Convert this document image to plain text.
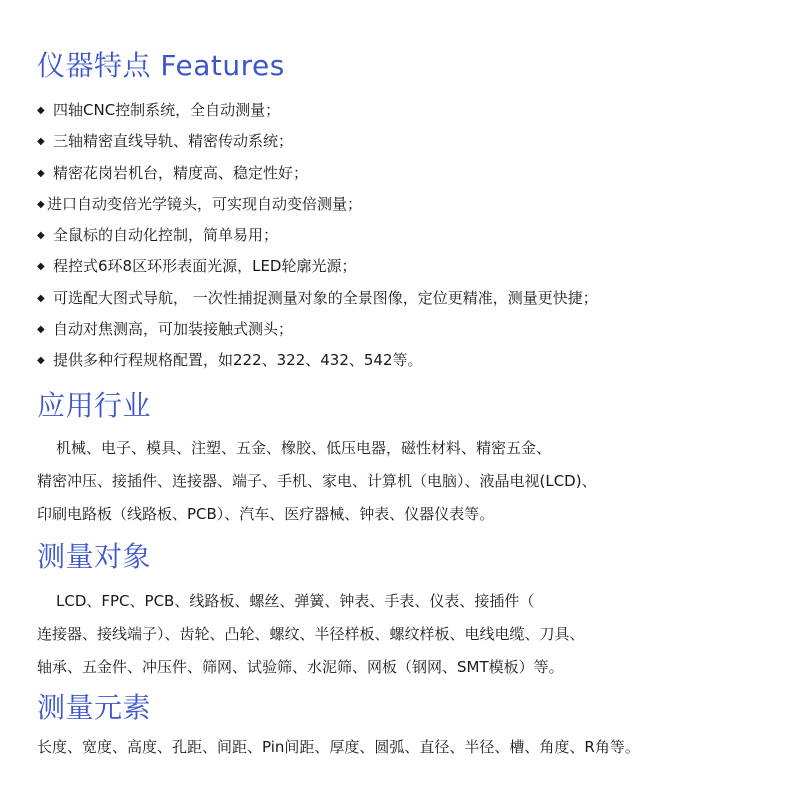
仪器特点 Features
◆ 四轴CNC控制系统，全自动测量；
◆ 三轴精密直线导轨、精密传动系统；
◆ 精密花岗岩机台，精度高、稳定性好；
◆ 进口自动变倍光学镜头，可实现自动变倍测量；
◆ 全鼠标的自动化控制，简单易用；
◆ 程控式6环8区环形表面光源，LED轮廓光源；
◆ 可选配大图式导航， 一次性捕捉测量对象的全景图像，定位更精准，测量更快捷；
◆ 自动对焦测高，可加装接触式测头；
◆ 提供多种行程规格配置，如222、322、432、542等。
应用行业
机械、电子、模具、注塑、五金、橡胶、低压电器，磁性材料、精密五金、
精密冲压、接插件、连接器、端子、手机、家电、计算机（电脑）、液晶电视(LCD)、
印刷电路板（线路板、PCB）、汽车、医疗器械、钟表、仪器仪表等。
测量对象
LCD、FPC、PCB、线路板、螺丝、弹簧、钟表、手表、仪表、接插件（
连接器、接线端子）、齿轮、凸轮、螺纹、半径样板、螺纹样板、电线电缆、刀具、
轴承、五金件、冲压件、筛网、试验筛、水泥筛、网板（钢网、SMT模板）等。
测量元素
长度、宽度、高度、孔距、间距、Pin间距、厚度、圆弧、直径、半径、槽、角度、R角等。
